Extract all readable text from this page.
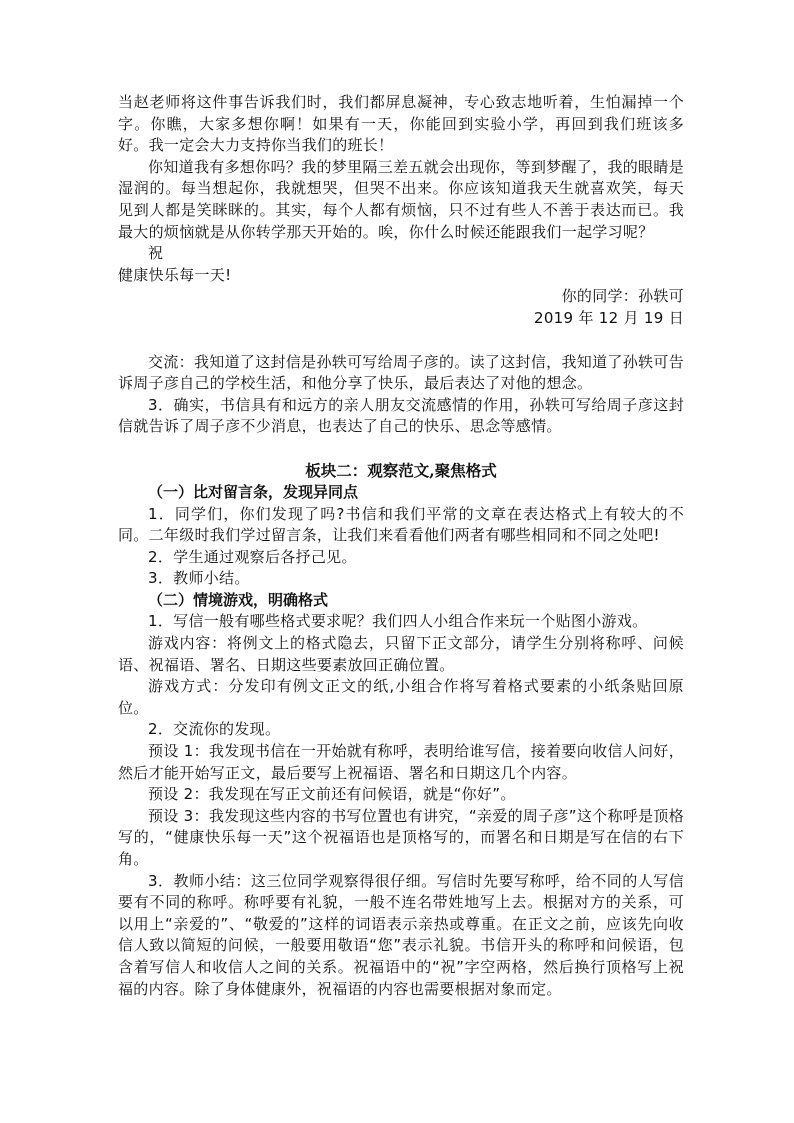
当赵老师将这件事告诉我们时，我们都屏息凝神，专心致志地听着，生怕漏掉一个字。你瞧，大家多想你啊！如果有一天，你能回到实验小学，再回到我们班该多好。我一定会大力支持你当我们的班长！

你知道我有多想你吗？我的梦里隔三差五就会出现你，等到梦醒了，我的眼睛是湿润的。每当想起你，我就想哭，但哭不出来。你应该知道我天生就喜欢笑，每天见到人都是笑眯眯的。其实，每个人都有烦恼，只不过有些人不善于表达而已。我最大的烦恼就是从你转学那天开始的。唉，你什么时候还能跟我们一起学习呢？

祝

健康快乐每一天!

你的同学：孙轶可

2019 年 12 月 19 日

交流：我知道了这封信是孙轶可写给周子彦的。读了这封信，我知道了孙轶可告诉周子彦自己的学校生活，和他分享了快乐，最后表达了对他的想念。

3．确实，书信具有和远方的亲人朋友交流感情的作用，孙轶可写给周子彦这封信就告诉了周子彦不少消息，也表达了自己的快乐、思念等感情。

板块二：观察范文,聚焦格式

（一）比对留言条，发现异同点

1．同学们，你们发现了吗?书信和我们平常的文章在表达格式上有较大的不同。二年级时我们学过留言条，让我们来看看他们两者有哪些相同和不同之处吧!

2．学生通过观察后各抒己见。

3．教师小结。

（二）情境游戏，明确格式

1．写信一般有哪些格式要求呢？我们四人小组合作来玩一个贴图小游戏。

游戏内容：将例文上的格式隐去，只留下正文部分，请学生分别将称呼、问候语、祝福语、署名、日期这些要素放回正确位置。

游戏方式：分发印有例文正文的纸,小组合作将写着格式要素的小纸条贴回原位。

2．交流你的发现。

预设 1：我发现书信在一开始就有称呼，表明给谁写信，接着要向收信人问好，然后才能开始写正文，最后要写上祝福语、署名和日期这几个内容。

预设 2：我发现在写正文前还有问候语，就是“你好”。

预设 3：我发现这些内容的书写位置也有讲究，“亲爱的周子彦”这个称呼是顶格写的，“健康快乐每一天”这个祝福语也是顶格写的，而署名和日期是写在信的右下角。

3．教师小结：这三位同学观察得很仔细。写信时先要写称呼，给不同的人写信要有不同的称呼。称呼要有礼貌，一般不连名带姓地写上去。根据对方的关系，可以用上“亲爱的”、“敬爱的”这样的词语表示亲热或尊重。在正文之前，应该先向收信人致以简短的问候，一般要用敬语“您”表示礼貌。书信开头的称呼和问候语，包含着写信人和收信人之间的关系。祝福语中的“祝”字空两格，然后换行顶格写上祝福的内容。除了身体健康外，祝福语的内容也需要根据对象而定。
